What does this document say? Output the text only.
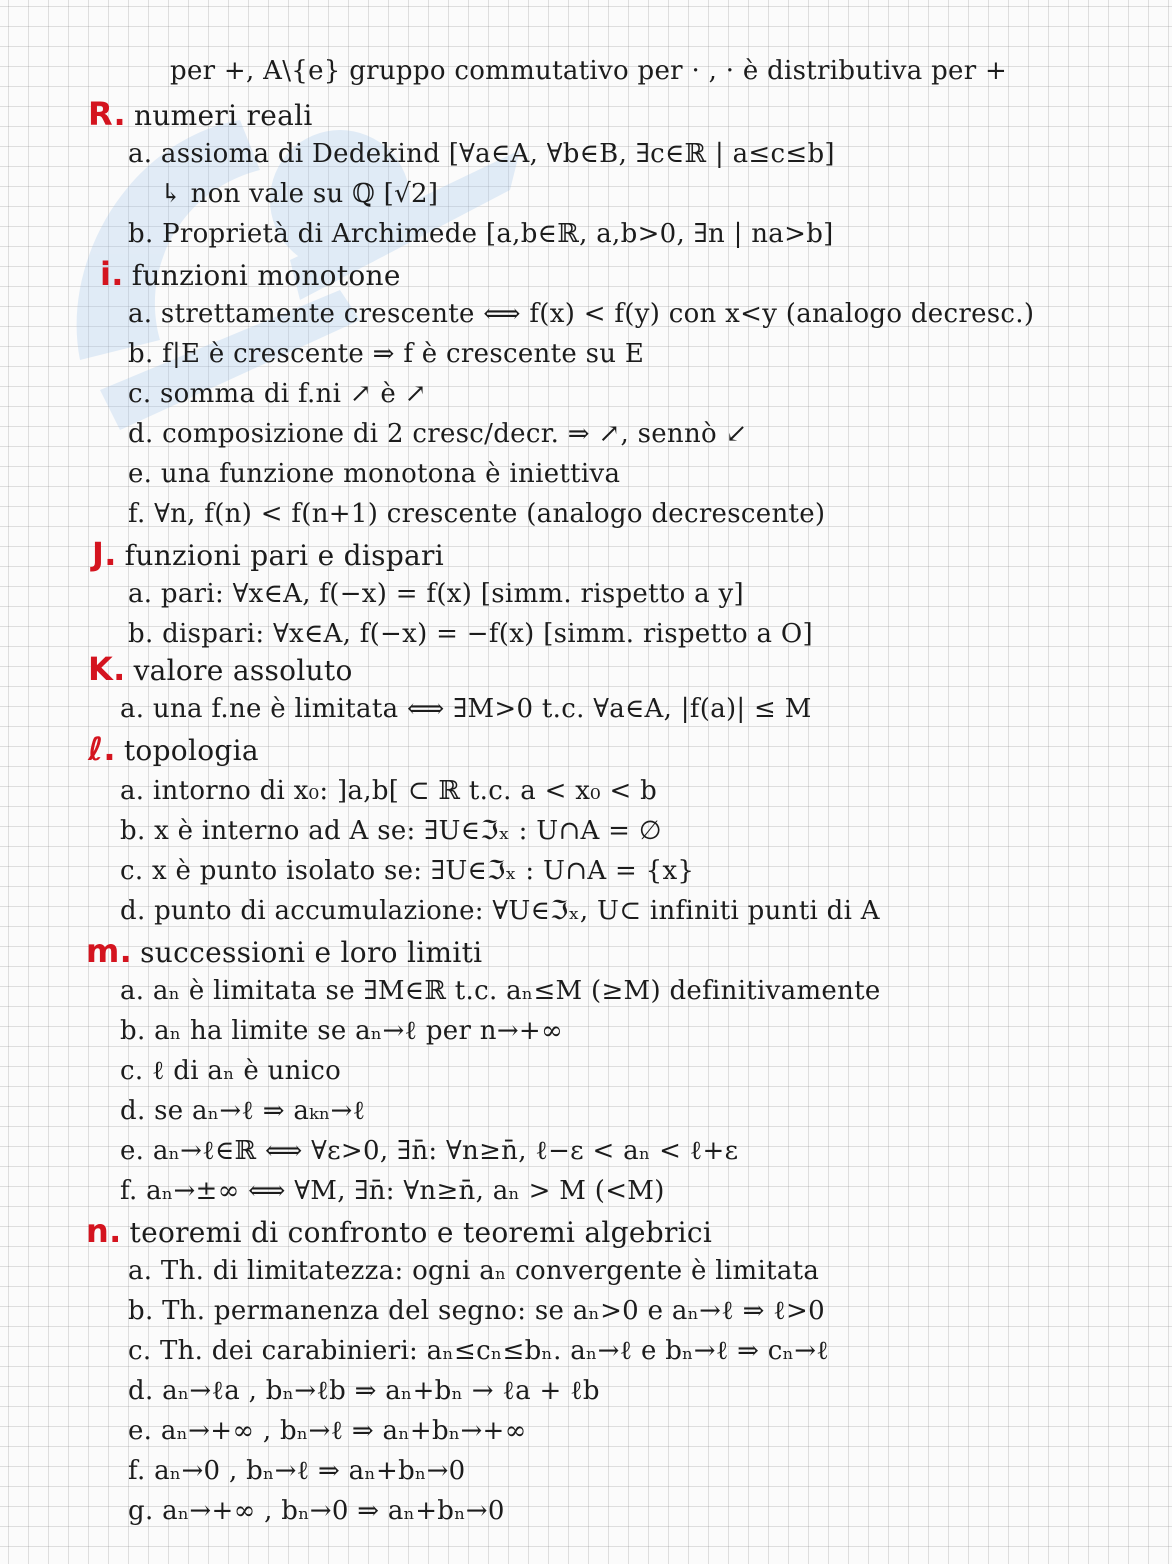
per +, A\{e} gruppo commutativo per · , · è distributiva per +
R. numeri reali
a. assioma di Dedekind [∀a∈A, ∀b∈B, ∃c∈ℝ | a≤c≤b]
↳ non vale su ℚ [√2]
b. Proprietà di Archimede [a,b∈ℝ, a,b>0, ∃n | na>b]
i. funzioni monotone
a. strettamente crescente ⟺ f(x) < f(y) con x<y (analogo decresc.)
b. f|E è crescente ⇒ f è crescente su E
c. somma di f.ni ↗ è ↗
d. composizione di 2 cresc/decr. ⇒ ↗, sennò ↙
e. una funzione monotona è iniettiva
f. ∀n, f(n) < f(n+1) crescente (analogo decrescente)
J. funzioni pari e dispari
a. pari: ∀x∈A, f(−x) = f(x) [simm. rispetto a y]
b. dispari: ∀x∈A, f(−x) = −f(x) [simm. rispetto a O]
K. valore assoluto
a. una f.ne è limitata ⟺ ∃M>0 t.c. ∀a∈A, |f(a)| ≤ M
ℓ. topologia
a. intorno di x₀: ]a,b[ ⊂ ℝ t.c. a < x₀ < b
b. x è interno ad A se: ∃U∈ℑₓ : U∩A = ∅
c. x è punto isolato se: ∃U∈ℑₓ : U∩A = {x}
d. punto di accumulazione: ∀U∈ℑₓ, U⊂ infiniti punti di A
m. successioni e loro limiti
a. aₙ è limitata se ∃M∈ℝ t.c. aₙ≤M (≥M) definitivamente
b. aₙ ha limite se aₙ→ℓ per n→+∞
c. ℓ di aₙ è unico
d. se aₙ→ℓ ⇒ aₖₙ→ℓ
e. aₙ→ℓ∈ℝ ⟺ ∀ε>0, ∃n̄: ∀n≥n̄, ℓ−ε < aₙ < ℓ+ε
f. aₙ→±∞ ⟺ ∀M, ∃n̄: ∀n≥n̄, aₙ > M (<M)
n. teoremi di confronto e teoremi algebrici
a. Th. di limitatezza: ogni aₙ convergente è limitata
b. Th. permanenza del segno: se aₙ>0 e aₙ→ℓ ⇒ ℓ>0
c. Th. dei carabinieri: aₙ≤cₙ≤bₙ. aₙ→ℓ e bₙ→ℓ ⇒ cₙ→ℓ
d. aₙ→ℓa , bₙ→ℓb ⇒ aₙ+bₙ → ℓa + ℓb
e. aₙ→+∞ , bₙ→ℓ ⇒ aₙ+bₙ→+∞
f. aₙ→0 , bₙ→ℓ ⇒ aₙ+bₙ→0
g. aₙ→+∞ , bₙ→0 ⇒ aₙ+bₙ→0
